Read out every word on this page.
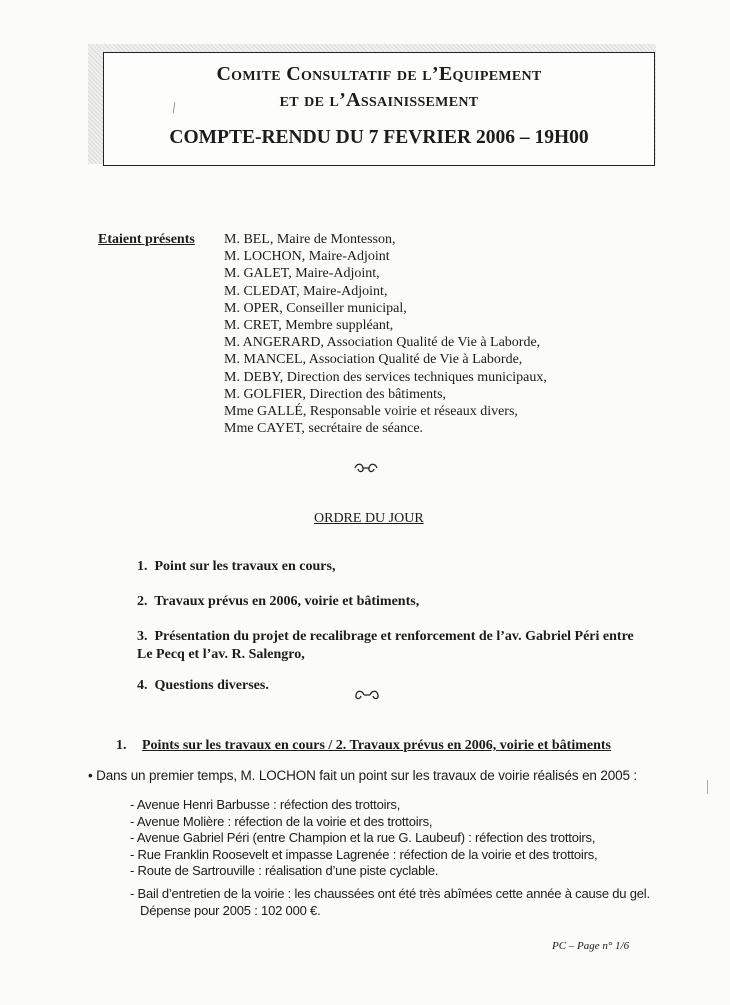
Comite Consultatif de l’Equipement
et de l’Assainissement
COMPTE-RENDU DU 7 FEVRIER 2006 – 19H00
/
Etaient présents M. BEL, Maire de Montesson,
M. LOCHON, Maire-Adjoint
M. GALET, Maire-Adjoint,
M. CLEDAT, Maire-Adjoint,
M. OPER, Conseiller municipal,
M. CRET, Membre suppléant,
M. ANGERARD, Association Qualité de Vie à Laborde,
M. MANCEL, Association Qualité de Vie à Laborde,
M. DEBY, Direction des services techniques municipaux,
M. GOLFIER, Direction des bâtiments,
Mme GALLÉ, Responsable voirie et réseaux divers,
Mme CAYET, secrétaire de séance.
ORDRE DU JOUR
1. Point sur les travaux en cours,
2. Travaux prévus en 2006, voirie et bâtiments,
3. Présentation du projet de recalibrage et renforcement de l’av. Gabriel Péri entre
Le Pecq et l’av. R. Salengro,
4. Questions diverses.
1. Points sur les travaux en cours / 2. Travaux prévus en 2006, voirie et bâtiments
• Dans un premier temps, M. LOCHON fait un point sur les travaux de voirie réalisés en 2005 :
- Avenue Henri Barbusse : réfection des trottoirs,
- Avenue Molière : réfection de la voirie et des trottoirs,
- Avenue Gabriel Péri (entre Champion et la rue G. Laubeuf) : réfection des trottoirs,
- Rue Franklin Roosevelt et impasse Lagrenée : réfection de la voirie et des trottoirs,
- Route de Sartrouville : réalisation d’une piste cyclable.
- Bail d’entretien de la voirie : les chaussées ont été très abîmées cette année à cause du gel.
Dépense pour 2005 : 102 000 €.
PC – Page n° 1/6
